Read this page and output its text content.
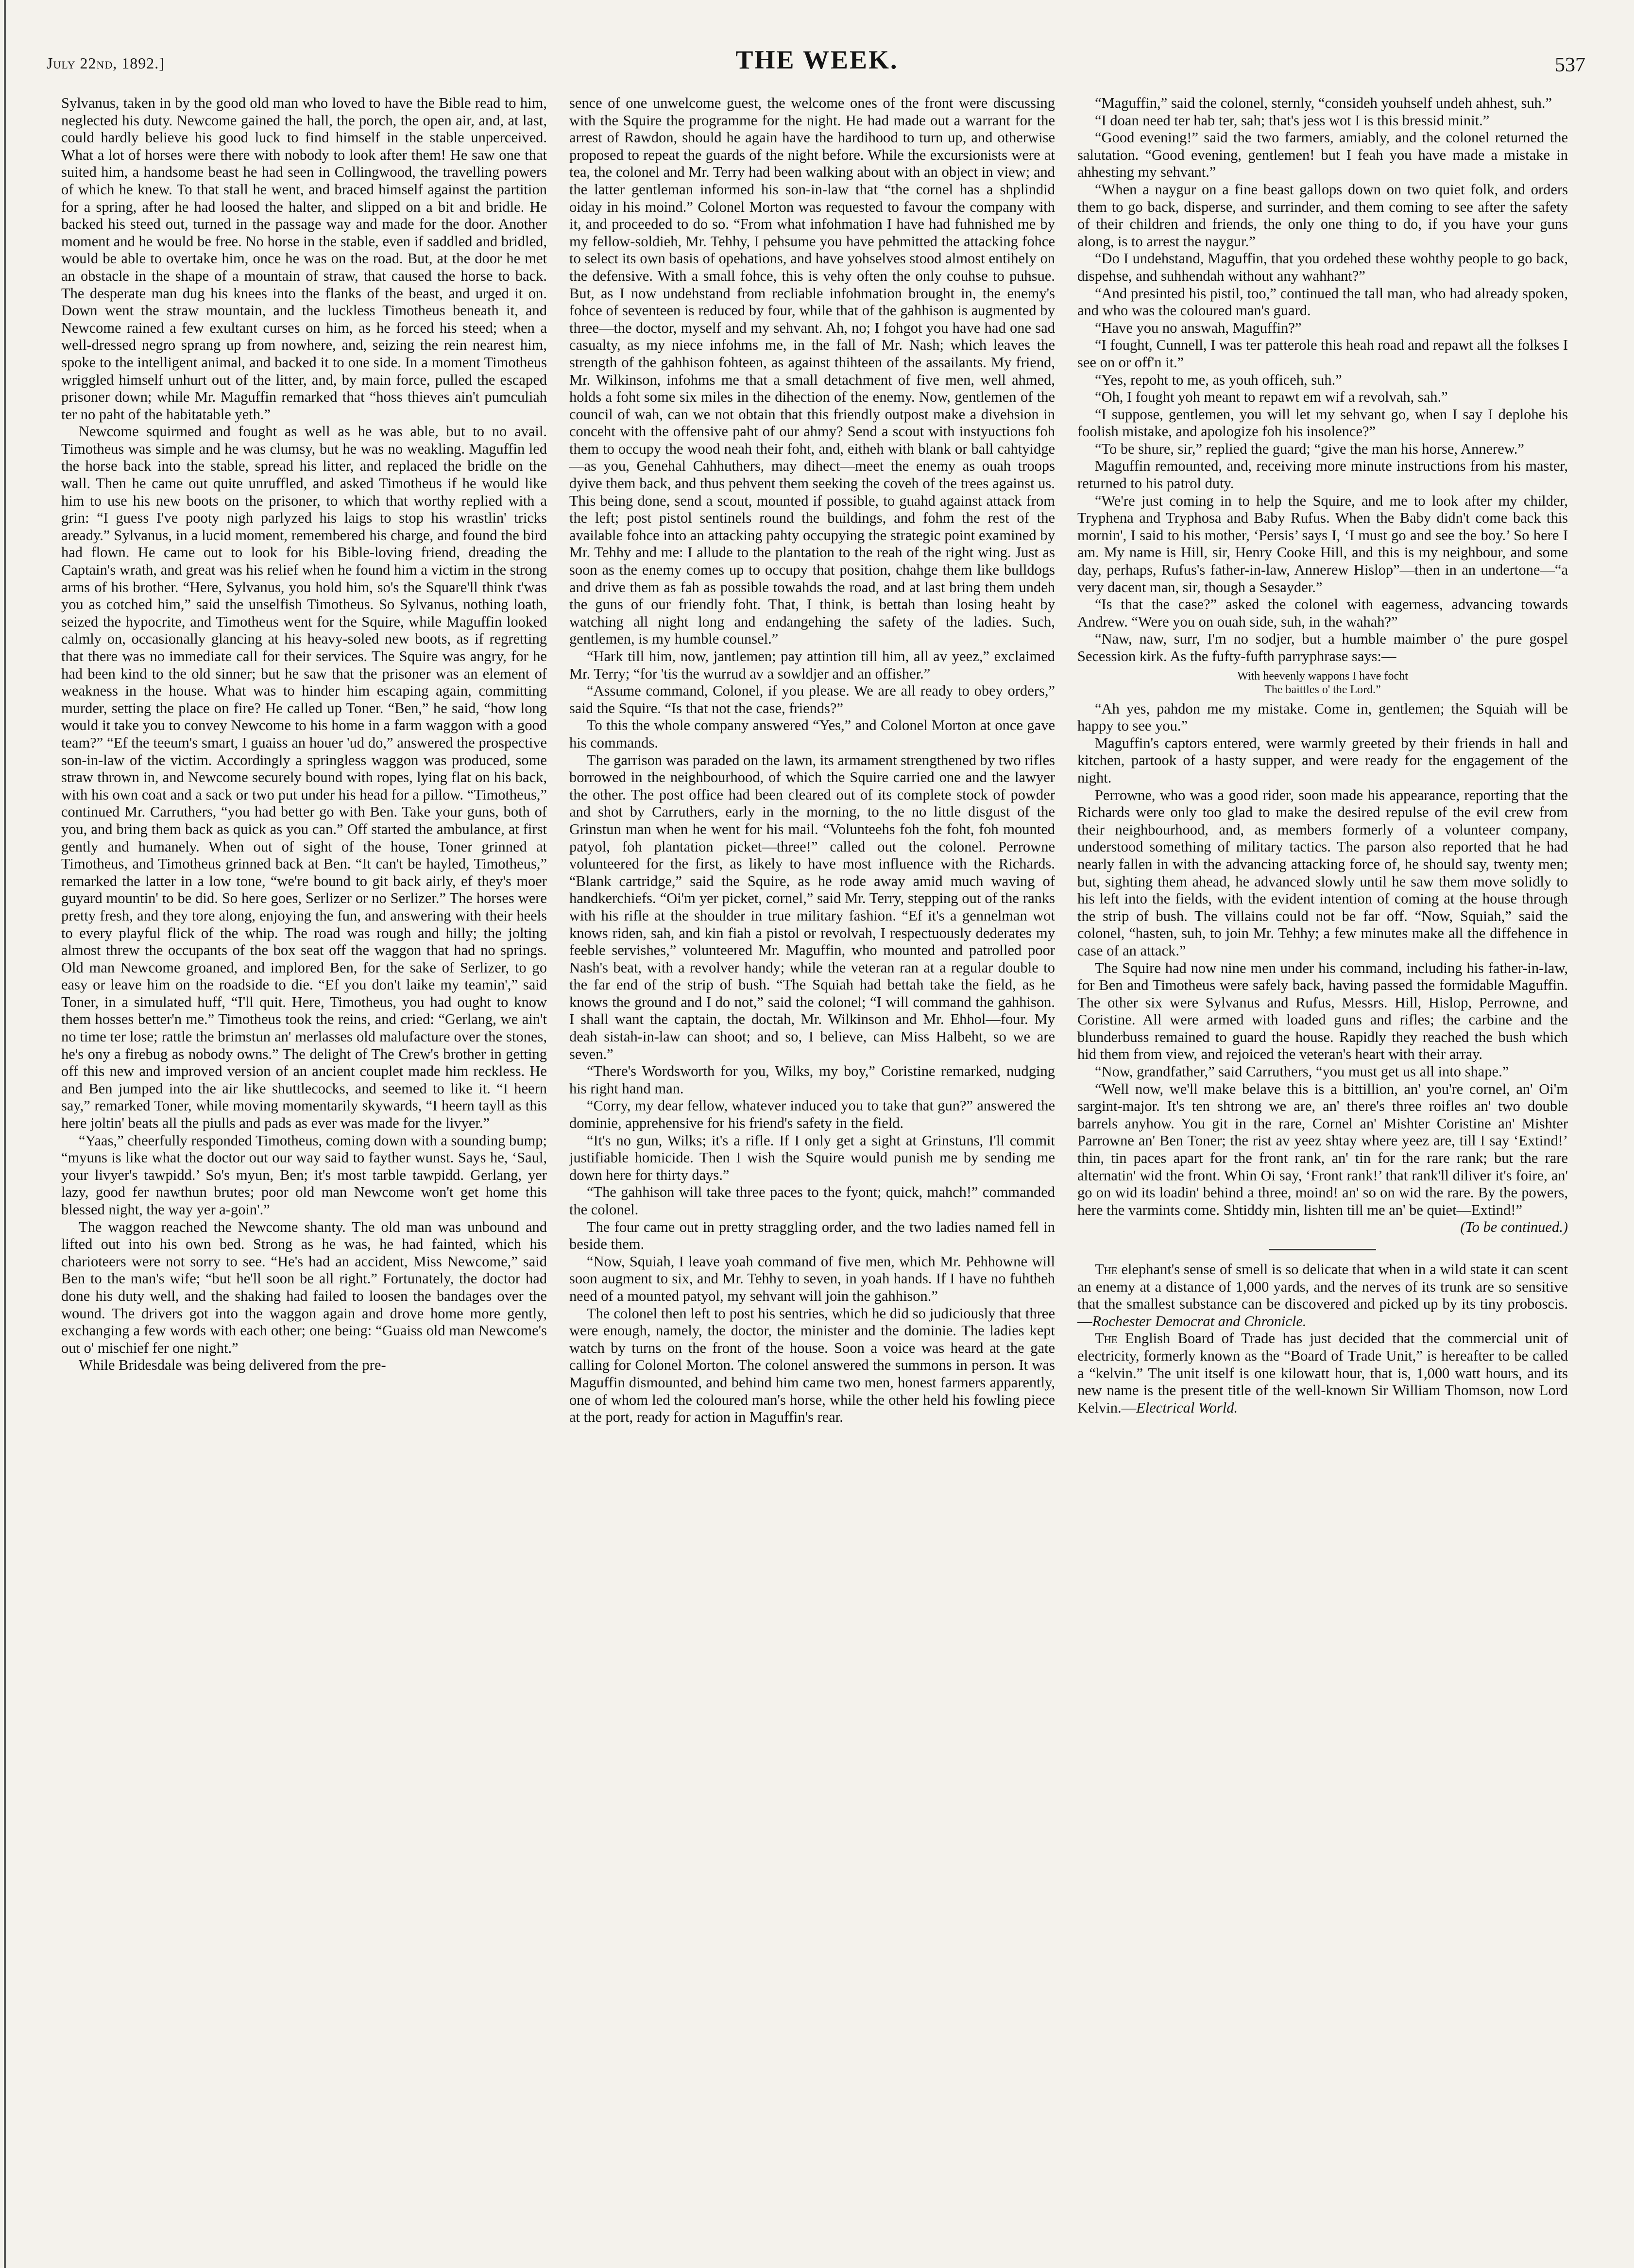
July 22nd, 1892.]	THE WEEK.	537

Sylvanus, taken in by the good old man who loved to have the Bible read to him, neglected his duty. Newcome gained the hall, the porch, the open air, and, at last, could hardly believe his good luck to find himself in the stable unperceived. What a lot of horses were there with nobody to look after them! He saw one that suited him, a handsome beast he had seen in Collingwood, the travelling powers of which he knew. To that stall he went, and braced himself against the partition for a spring, after he had loosed the halter, and slipped on a bit and bridle. He backed his steed out, turned in the passage way and made for the door. Another moment and he would be free. No horse in the stable, even if saddled and bridled, would be able to overtake him, once he was on the road. But, at the door he met an obstacle in the shape of a mountain of straw, that caused the horse to back. The desperate man dug his knees into the flanks of the beast, and urged it on. Down went the straw mountain, and the luckless Timotheus beneath it, and Newcome rained a few exultant curses on him, as he forced his steed; when a well-dressed negro sprang up from nowhere, and, seizing the rein nearest him, spoke to the intelligent animal, and backed it to one side. In a moment Timotheus wriggled himself unhurt out of the litter, and, by main force, pulled the escaped prisoner down; while Mr. Maguffin remarked that “hoss thieves ain't pumculiah ter no paht of the habitatable yeth.”

Newcome squirmed and fought as well as he was able, but to no avail. Timotheus was simple and he was clumsy, but he was no weakling. Maguffin led the horse back into the stable, spread his litter, and replaced the bridle on the wall. Then he came out quite unruffled, and asked Timotheus if he would like him to use his new boots on the prisoner, to which that worthy replied with a grin: “I guess I've pooty nigh parlyzed his laigs to stop his wrastlin' tricks aready.” Sylvanus, in a lucid moment, remembered his charge, and found the bird had flown. He came out to look for his Bible-loving friend, dreading the Captain's wrath, and great was his relief when he found him a victim in the strong arms of his brother. “Here, Sylvanus, you hold him, so's the Square'll think t'was you as cotched him,” said the unselfish Timotheus. So Sylvanus, nothing loath, seized the hypocrite, and Timotheus went for the Squire, while Maguffin looked calmly on, occasionally glancing at his heavy-soled new boots, as if regretting that there was no immediate call for their services. The Squire was angry, for he had been kind to the old sinner; but he saw that the prisoner was an element of weakness in the house. What was to hinder him escaping again, committing murder, setting the place on fire? He called up Toner. “Ben,” he said, “how long would it take you to convey Newcome to his home in a farm waggon with a good team?” “Ef the teeum's smart, I guaiss an houer 'ud do,” answered the prospective son-in-law of the victim. Accordingly a springless waggon was produced, some straw thrown in, and Newcome securely bound with ropes, lying flat on his back, with his own coat and a sack or two put under his head for a pillow. “Timotheus,” continued Mr. Carruthers, “you had better go with Ben. Take your guns, both of you, and bring them back as quick as you can.” Off started the ambulance, at first gently and humanely. When out of sight of the house, Toner grinned at Timotheus, and Timotheus grinned back at Ben. “It can't be hayled, Timotheus,” remarked the latter in a low tone, “we're bound to git back airly, ef they's moer guyard mountin' to be did. So here goes, Serlizer or no Serlizer.” The horses were pretty fresh, and they tore along, enjoying the fun, and answering with their heels to every playful flick of the whip. The road was rough and hilly; the jolting almost threw the occupants of the box seat off the waggon that had no springs. Old man Newcome groaned, and implored Ben, for the sake of Serlizer, to go easy or leave him on the roadside to die. “Ef you don't laike my teamin',” said Toner, in a simulated huff, “I'll quit. Here, Timotheus, you had ought to know them hosses better'n me.” Timotheus took the reins, and cried: “Gerlang, we ain't no time ter lose; rattle the brimstun an' merlasses old malufacture over the stones, he's ony a firebug as nobody owns.” The delight of The Crew's brother in getting off this new and improved version of an ancient couplet made him reckless. He and Ben jumped into the air like shuttlecocks, and seemed to like it. “I heern say,” remarked Toner, while moving momentarily skywards, “I heern tayll as this here joltin' beats all the piulls and pads as ever was made for the livyer.”

“Yaas,” cheerfully responded Timotheus, coming down with a sounding bump; “myuns is like what the doctor out our way said to fayther wunst. Says he, ‘Saul, your livyer's tawpidd.’ So's myun, Ben; it's most tarble tawpidd. Gerlang, yer lazy, good fer nawthun brutes; poor old man Newcome won't get home this blessed night, the way yer a-goin'.”

The waggon reached the Newcome shanty. The old man was unbound and lifted out into his own bed. Strong as he was, he had fainted, which his charioteers were not sorry to see. “He's had an accident, Miss Newcome,” said Ben to the man's wife; “but he'll soon be all right.” Fortunately, the doctor had done his duty well, and the shaking had failed to loosen the bandages over the wound. The drivers got into the waggon again and drove home more gently, exchanging a few words with each other; one being: “Guaiss old man Newcome's out o' mischief fer one night.”

While Bridesdale was being delivered from the pre-

sence of one unwelcome guest, the welcome ones of the front were discussing with the Squire the programme for the night. He had made out a warrant for the arrest of Rawdon, should he again have the hardihood to turn up, and otherwise proposed to repeat the guards of the night before. While the excursionists were at tea, the colonel and Mr. Terry had been walking about with an object in view; and the latter gentleman informed his son-in-law that “the cornel has a shplindid oiday in his moind.” Colonel Morton was requested to favour the company with it, and proceeded to do so. “From what infohmation I have had fuhnished me by my fellow-soldieh, Mr. Tehhy, I pehsume you have pehmitted the attacking fohce to select its own basis of opehations, and have yohselves stood almost entihely on the defensive. With a small fohce, this is vehy often the only couhse to puhsue. But, as I now undehstand from recliable infohmation brought in, the enemy's fohce of seventeen is reduced by four, while that of the gahhison is augmented by three—the doctor, myself and my sehvant. Ah, no; I fohgot you have had one sad casualty, as my niece infohms me, in the fall of Mr. Nash; which leaves the strength of the gahhison fohteen, as against thihteen of the assailants. My friend, Mr. Wilkinson, infohms me that a small detachment of five men, well ahmed, holds a foht some six miles in the dihection of the enemy. Now, gentlemen of the council of wah, can we not obtain that this friendly outpost make a divehsion in conceht with the offensive paht of our ahmy? Send a scout with instyuctions foh them to occupy the wood neah their foht, and, eitheh with blank or ball cahtyidge—as you, Genehal Cahhuthers, may dihect—meet the enemy as ouah troops dyive them back, and thus pehvent them seeking the coveh of the trees against us. This being done, send a scout, mounted if possible, to guahd against attack from the left; post pistol sentinels round the buildings, and fohm the rest of the available fohce into an attacking pahty occupying the strategic point examined by Mr. Tehhy and me: I allude to the plantation to the reah of the right wing. Just as soon as the enemy comes up to occupy that position, chahge them like bulldogs and drive them as fah as possible towahds the road, and at last bring them undeh the guns of our friendly foht. That, I think, is bettah than losing heaht by watching all night long and endangehing the safety of the ladies. Such, gentlemen, is my humble counsel.”

“Hark till him, now, jantlemen; pay attintion till him, all av yeez,” exclaimed Mr. Terry; “for 'tis the wurrud av a sowldjer and an offisher.”

“Assume command, Colonel, if you please. We are all ready to obey orders,” said the Squire. “Is that not the case, friends?”

To this the whole company answered “Yes,” and Colonel Morton at once gave his commands.

The garrison was paraded on the lawn, its armament strengthened by two rifles borrowed in the neighbourhood, of which the Squire carried one and the lawyer the other. The post office had been cleared out of its complete stock of powder and shot by Carruthers, early in the morning, to the no little disgust of the Grinstun man when he went for his mail. “Volunteehs foh the foht, foh mounted patyol, foh plantation picket—three!” called out the colonel. Perrowne volunteered for the first, as likely to have most influence with the Richards. “Blank cartridge,” said the Squire, as he rode away amid much waving of handkerchiefs. “Oi'm yer picket, cornel,” said Mr. Terry, stepping out of the ranks with his rifle at the shoulder in true military fashion. “Ef it's a gennelman wot knows riden, sah, and kin fiah a pistol or revolvah, I respectuously dederates my feeble servishes,” volunteered Mr. Maguffin, who mounted and patrolled poor Nash's beat, with a revolver handy; while the veteran ran at a regular double to the far end of the strip of bush. “The Squiah had bettah take the field, as he knows the ground and I do not,” said the colonel; “I will command the gahhison. I shall want the captain, the doctah, Mr. Wilkinson and Mr. Ehhol—four. My deah sistah-in-law can shoot; and so, I believe, can Miss Halbeht, so we are seven.”

“There's Wordsworth for you, Wilks, my boy,” Coristine remarked, nudging his right hand man.

“Corry, my dear fellow, whatever induced you to take that gun?” answered the dominie, apprehensive for his friend's safety in the field.

“It's no gun, Wilks; it's a rifle. If I only get a sight at Grinstuns, I'll commit justifiable homicide. Then I wish the Squire would punish me by sending me down here for thirty days.”

“The gahhison will take three paces to the fyont; quick, mahch!” commanded the colonel.

The four came out in pretty straggling order, and the two ladies named fell in beside them.

“Now, Squiah, I leave yoah command of five men, which Mr. Pehhowne will soon augment to six, and Mr. Tehhy to seven, in yoah hands. If I have no fuhtheh need of a mounted patyol, my sehvant will join the gahhison.”

The colonel then left to post his sentries, which he did so judiciously that three were enough, namely, the doctor, the minister and the dominie. The ladies kept watch by turns on the front of the house. Soon a voice was heard at the gate calling for Colonel Morton. The colonel answered the summons in person. It was Maguffin dismounted, and behind him came two men, honest farmers apparently, one of whom led the coloured man's horse, while the other held his fowling piece at the port, ready for action in Maguffin's rear.

“Maguffin,” said the colonel, sternly, “consideh youhself undeh ahhest, suh.”

“I doan need ter hab ter, sah; that's jess wot I is this bressid minit.”

“Good evening!” said the two farmers, amiably, and the colonel returned the salutation. “Good evening, gentlemen! but I feah you have made a mistake in ahhesting my sehvant.”

“When a naygur on a fine beast gallops down on two quiet folk, and orders them to go back, disperse, and surrinder, and them coming to see after the safety of their children and friends, the only one thing to do, if you have your guns along, is to arrest the naygur.”

“Do I undehstand, Maguffin, that you ordehed these wohthy people to go back, dispehse, and suhhendah without any wahhant?”

“And presinted his pistil, too,” continued the tall man, who had already spoken, and who was the coloured man's guard.

“Have you no answah, Maguffin?”

“I fought, Cunnell, I was ter patterole this heah road and repawt all the folkses I see on or off'n it.”

“Yes, repoht to me, as youh officeh, suh.”

“Oh, I fought yoh meant to repawt em wif a revolvah, sah.”

“I suppose, gentlemen, you will let my sehvant go, when I say I deplohe his foolish mistake, and apologize foh his insolence?”

“To be shure, sir,” replied the guard; “give the man his horse, Annerew.”

Maguffin remounted, and, receiving more minute instructions from his master, returned to his patrol duty.

“We're just coming in to help the Squire, and me to look after my childer, Tryphena and Tryphosa and Baby Rufus. When the Baby didn't come back this mornin', I said to his mother, ‘Persis’ says I, ‘I must go and see the boy.’ So here I am. My name is Hill, sir, Henry Cooke Hill, and this is my neighbour, and some day, perhaps, Rufus's father-in-law, Annerew Hislop”—then in an undertone—“a very dacent man, sir, though a Sesayder.”

“Is that the case?” asked the colonel with eagerness, advancing towards Andrew. “Were you on ouah side, suh, in the wahah?”

“Naw, naw, surr, I'm no sodjer, but a humble maimber o' the pure gospel Secession kirk. As the fufty-fufth parryphrase says:—

With heevenly wappons I have focht
The baittles o' the Lord.”

“Ah yes, pahdon me my mistake. Come in, gentlemen; the Squiah will be happy to see you.”

Maguffin's captors entered, were warmly greeted by their friends in hall and kitchen, partook of a hasty supper, and were ready for the engagement of the night.

Perrowne, who was a good rider, soon made his appearance, reporting that the Richards were only too glad to make the desired repulse of the evil crew from their neighbourhood, and, as members formerly of a volunteer company, understood something of military tactics. The parson also reported that he had nearly fallen in with the advancing attacking force of, he should say, twenty men; but, sighting them ahead, he advanced slowly until he saw them move solidly to his left into the fields, with the evident intention of coming at the house through the strip of bush. The villains could not be far off. “Now, Squiah,” said the colonel, “hasten, suh, to join Mr. Tehhy; a few minutes make all the diffehence in case of an attack.”

The Squire had now nine men under his command, including his father-in-law, for Ben and Timotheus were safely back, having passed the formidable Maguffin. The other six were Sylvanus and Rufus, Messrs. Hill, Hislop, Perrowne, and Coristine. All were armed with loaded guns and rifles; the carbine and the blunderbuss remained to guard the house. Rapidly they reached the bush which hid them from view, and rejoiced the veteran's heart with their array.

“Now, grandfather,” said Carruthers, “you must get us all into shape.”

“Well now, we'll make belave this is a bittillion, an' you're cornel, an' Oi'm sargint-major. It's ten shtrong we are, an' there's three roifles an' two double barrels anyhow. You git in the rare, Cornel an' Mishter Coristine an' Mishter Parrowne an' Ben Toner; the rist av yeez shtay where yeez are, till I say ‘Extind!’ thin, tin paces apart for the front rank, an' tin for the rare rank; but the rare alternatin' wid the front. Whin Oi say, ‘Front rank!’ that rank'll diliver it's foire, an' go on wid its loadin' behind a three, moind! an' so on wid the rare. By the powers, here the varmints come. Shtiddy min, lishten till me an' be quiet—Extind!”

(To be continued.)

The elephant's sense of smell is so delicate that when in a wild state it can scent an enemy at a distance of 1,000 yards, and the nerves of its trunk are so sensitive that the smallest substance can be discovered and picked up by its tiny proboscis.—Rochester Democrat and Chronicle.

The English Board of Trade has just decided that the commercial unit of electricity, formerly known as the “Board of Trade Unit,” is hereafter to be called a “kelvin.” The unit itself is one kilowatt hour, that is, 1,000 watt hours, and its new name is the present title of the well-known Sir William Thomson, now Lord Kelvin.—Electrical World.
